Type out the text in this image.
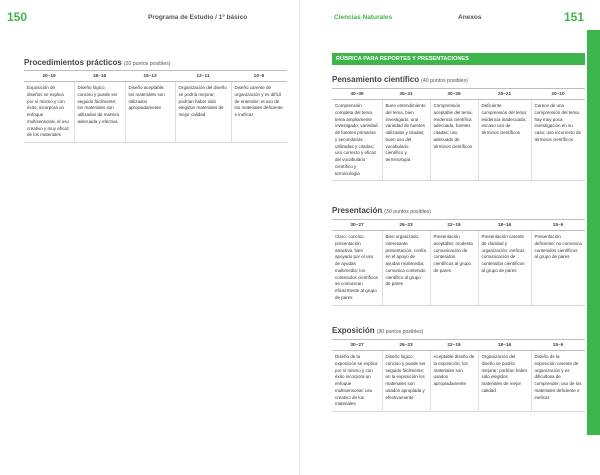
150	Programa de Estudio / 1º básico
Procedimientos prácticos (20 puntos posibles)
20–19	18–16	15–13	12–11	10–6
Exposición de diseños se explica por sí mismo y con éxito; incorpora un enfoque multisensorial, el uso creativo y muy eficaz de los materiales	Diseño lógico, conciso y puede ser seguido fácilmente; los materiales son utilizados de manera adecuada y efectiva	Diseño aceptable; los materiales son utilizados apropiadamente	Organización del diseño se podría mejorar; podrían haber sido elegidos materiales de mejor calidad	Diseño carente de organización y es difícil de entender; el uso de los materiales deficiente e ineficaz
Ciencias Naturales	Anexos	151
RÚBRICA PARA REPORTES Y PRESENTACIONES
Pensamiento científico (40 puntos posibles)
40–36	35–31	30–26	25–21	20–10
Comprensión completa del tema, tema ampliamente investigado; variedad de fuentes primarias y secundarias utilizadas y citadas; uso correcto y eficaz del vocabulario científico y terminología	Buen entendimiento del tema, bien investigado, una variedad de fuentes utilizadas y citadas; buen uso del vocabulario científico y terminología	Comprensión aceptable del tema, evidencia científica adecuada, fuentes citadas; uso adecuado de términos científicos	Deficiente comprensión del tema; evidencia inadecuada, escaso uso de términos científicos	Carece de una comprensión del tema, hay muy poca investigación en su caso; uso incorrecto de términos científicos
Presentación (30 puntos posibles)
30–27	26–23	22–19	18–16	15–5
Claro, conciso, presentación atractiva, bien apoyado por el uso de ayudas multimedia; los contenidos científicos se comunican eficazmente al grupo de pares	Bien organizado, interesante presentación, confía en el apoyo de ayudas multimedia; comunica contenido científico al grupo de pares	Presentación aceptable; modesta comunicación de contenidos científicos al grupo de pares	Presentación carente de claridad y organización; ineficaz comunicación de contenidos científicos al grupo de pares	Presentación deficiente; no comunica contenidos científicos al grupo de pares
Exposición (30 puntos posibles)
30–27	26–23	22–19	18–16	15–5
Diseño de la exposición se explica por sí mismo y con éxito incorpora un enfoque multisensorial; uso creativo de los materiales	Diseño lógico, conciso y puede ser seguido fácilmente; en la exposición los materiales son usados apropiada y efectivamente	Aceptable diseño de la exposición; los materiales son usados apropiadamente	Organización del diseño se podría mejorar; podrían haber sido elegidos materiales de mejor calidad	Diseño de la exposición carente de organización y es dificultosa de comprender; uso de los materiales deficiente e ineficaz
